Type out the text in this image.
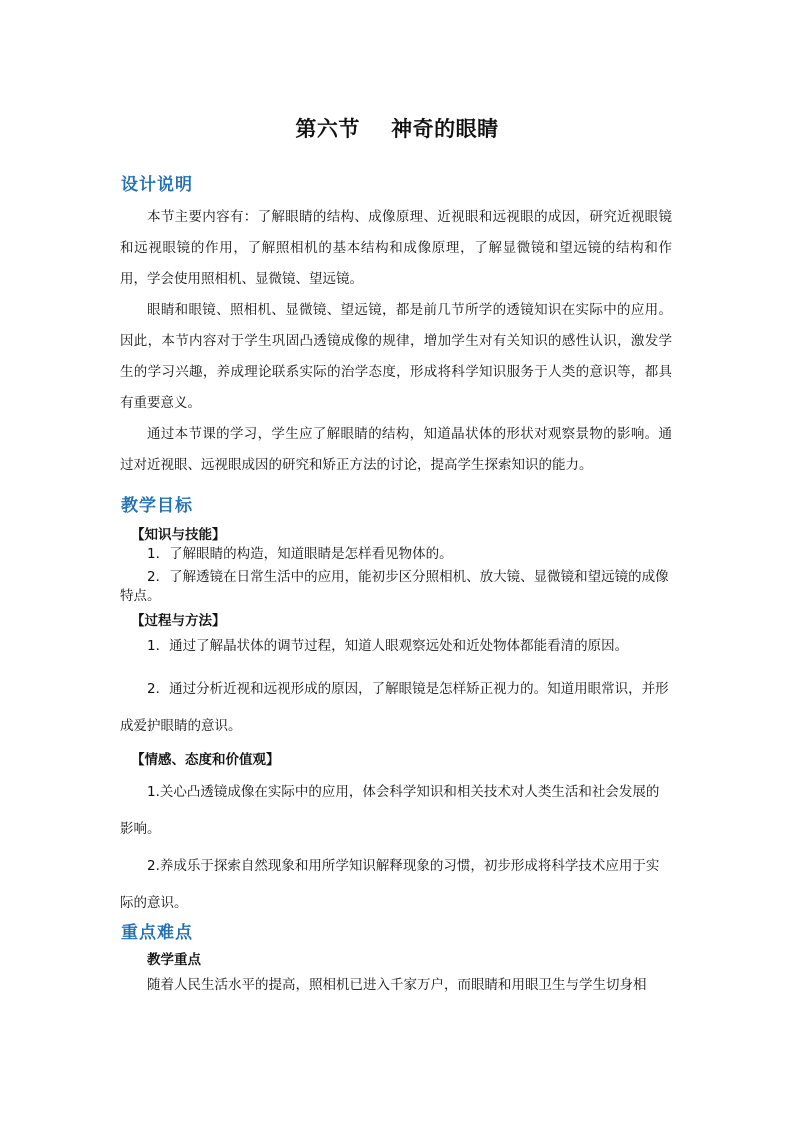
第六节    神奇的眼睛
设计说明
本节主要内容有：了解眼睛的结构、成像原理、近视眼和远视眼的成因，研究近视眼镜和远视眼镜的作用，了解照相机的基本结构和成像原理，了解显微镜和望远镜的结构和作用，学会使用照相机、显微镜、望远镜。
眼睛和眼镜、照相机、显微镜、望远镜，都是前几节所学的透镜知识在实际中的应用。因此，本节内容对于学生巩固凸透镜成像的规律，增加学生对有关知识的感性认识，激发学生的学习兴趣，养成理论联系实际的治学态度，形成将科学知识服务于人类的意识等，都具有重要意义。
通过本节课的学习，学生应了解眼睛的结构，知道晶状体的形状对观察景物的影响。通过对近视眼、远视眼成因的研究和矫正方法的讨论，提高学生探索知识的能力。
教学目标
【知识与技能】
1．了解眼睛的构造，知道眼睛是怎样看见物体的。
2．了解透镜在日常生活中的应用，能初步区分照相机、放大镜、显微镜和望远镜的成像特点。
【过程与方法】
1．通过了解晶状体的调节过程，知道人眼观察远处和近处物体都能看清的原因。
2．通过分析近视和远视形成的原因，了解眼镜是怎样矫正视力的。知道用眼常识，并形成爱护眼睛的意识。
【情感、态度和价值观】
1.关心凸透镜成像在实际中的应用，体会科学知识和相关技术对人类生活和社会发展的影响。
2.养成乐于探索自然现象和用所学知识解释现象的习惯，初步形成将科学技术应用于实际的意识。
重点难点
教学重点
随着人民生活水平的提高，照相机已进入千家万户，而眼睛和用眼卫生与学生切身相
